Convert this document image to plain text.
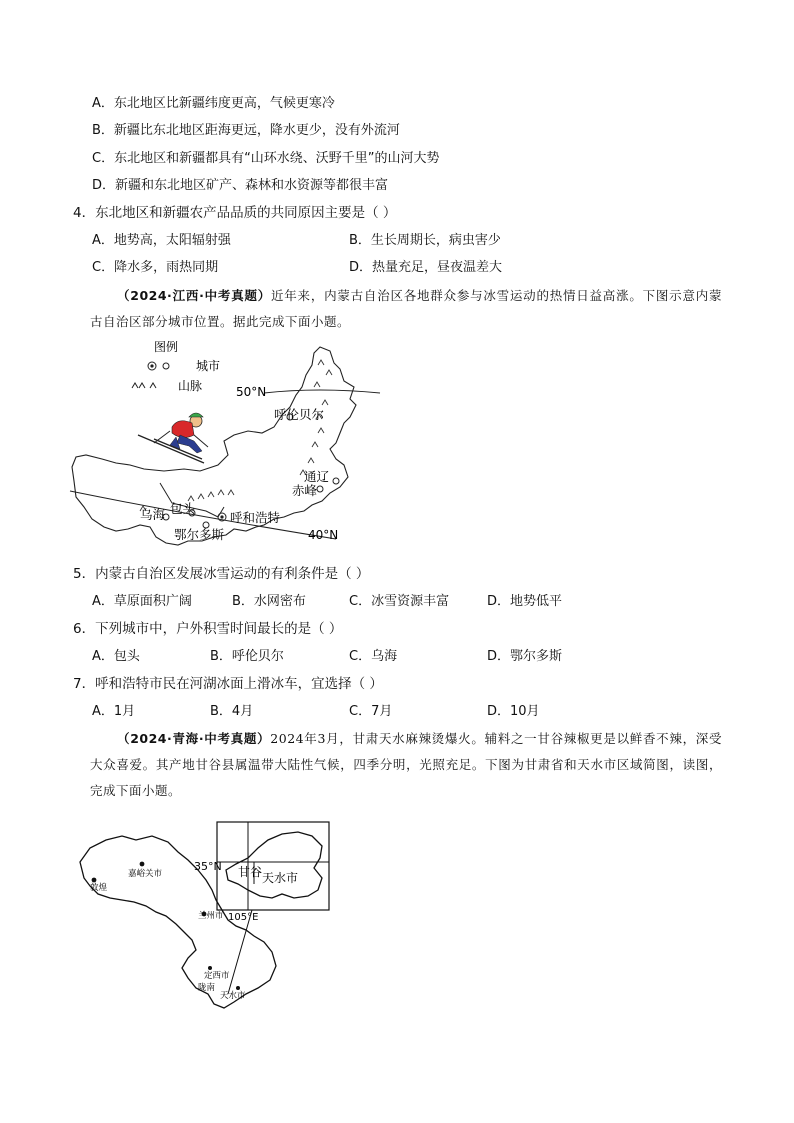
A．东北地区比新疆纬度更高，气候更寒冷
B．新疆比东北地区距海更远，降水更少，没有外流河
C．东北地区和新疆都具有“山环水绕、沃野千里”的山河大势
D．新疆和东北地区矿产、森林和水资源等都很丰富
4．东北地区和新疆农产品品质的共同原因主要是（ ）
A．地势高，太阳辐射强	B．生长周期长，病虫害少
C．降水多，雨热同期	D．热量充足，昼夜温差大
（2024·江西·中考真题）近年来，内蒙古自治区各地群众参与冰雪运动的热情日益高涨。下图示意内蒙古自治区部分城市位置。据此完成下面小题。
图例
城市
山脉	50°N
40°N
呼伦贝尔
通辽
赤峰
包头
乌海	呼和浩特
鄂尔多斯
5．内蒙古自治区发展冰雪运动的有利条件是（ ）
A．草原面积广阔	B．水网密布	C．冰雪资源丰富	D．地势低平
6．下列城市中，户外积雪时间最长的是（ ）
A．包头	B．呼伦贝尔	C．乌海	D．鄂尔多斯
7．呼和浩特市民在河湖冰面上滑冰车，宜选择（ ）
A．1月	B．4月	C．7月	D．10月
（2024·青海·中考真题）2024年3月，甘肃天水麻辣烫爆火。辅料之一甘谷辣椒更是以鲜香不辣，深受大众喜爱。其产地甘谷县属温带大陆性气候，四季分明，光照充足。下图为甘肃省和天水市区域简图，读图，完成下面小题。
35°N 甘谷 天水市
105°E
敦煌
嘉峪关市
兰州市
定西市
陇南
天水市
